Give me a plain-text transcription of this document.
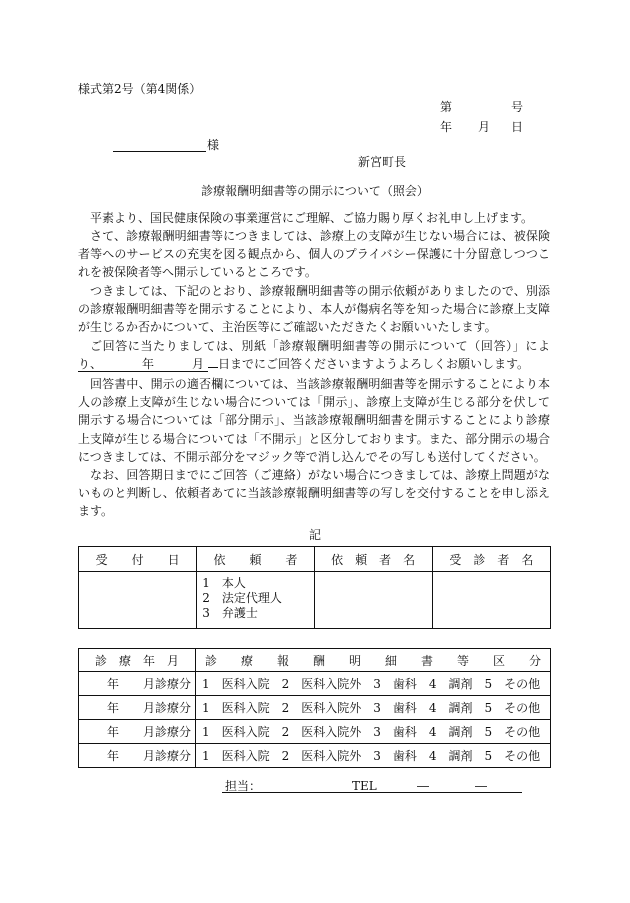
様式第2号（第4関係）
第	号
年 月 日
様
新宮町長
診療報酬明細書等の開示について（照会）

平素より、国民健康保険の事業運営にご理解、ご協力賜り厚くお礼申し上げます。

さて、診療報酬明細書等につきましては、診療上の支障が生じない場合には、被保険者等へのサービスの充実を図る観点から、個人のプライバシー保護に十分留意しつつこれを被保険者等へ開示しているところです。

つきましては、下記のとおり、診療報酬明細書等の開示依頼がありましたので、別添の診療報酬明細書等を開示することにより、本人が傷病名等を知った場合に診療上支障が生じるか否かについて、主治医等にご確認いただきたくお願いいたします。

ご回答に当たりましては、別紙「診療報酬明細書等の開示について（回答）」により、	年	月 日までにご回答くださいますようよろしくお願いします。

回答書中、開示の適否欄については、当該診療報酬明細書等を開示することにより本人の診療上支障が生じない場合については「開示」、診療上支障が生じる部分を伏して開示する場合については「部分開示」、当該診療報酬明細書を開示することにより診療上支障が生じる場合については「不開示」と区分しております。また、部分開示の場合につきましては、不開示部分をマジック等で消し込んでその写しも送付してください。

なお、回答期日までにご回答（ご連絡）がない場合につきましては、診療上問題がないものと判断し、依頼者あてに当該診療報酬明細書等の写しを交付することを申し添えます。

記
受　　付　　日	依　　頼　　者	依　頼　者　名	受　診　者　名

	1　本人
2　法定代理人
3　弁護士		

診　療　年　月	診　　療　　報　　酬　　明　　細　　書　　等　　区　　分
年　　月診療分	1　医科入院　2　医科入院外　3　歯科　4　調剤　5　その他
年　　月診療分	1　医科入院　2　医科入院外　3　歯科　4　調剤　5　その他
年　　月診療分	1　医科入院　2　医科入院外　3　歯科　4　調剤　5　その他
年　　月診療分	1　医科入院　2　医科入院外　3　歯科　4　調剤　5　その他
担当：	TEL	―	―
